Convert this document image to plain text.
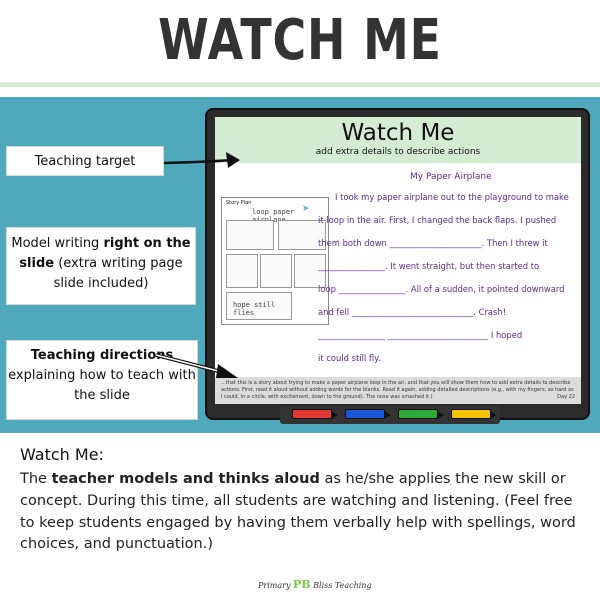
WATCH ME
Teaching target
Model writing right on the slide (extra writing page slide included)
Teaching directions
explaining how to teach with the slide
Watch Me
add extra details to describe actions
My Paper Airplane
Story Plan
loop paper ➤
hope still flies
I took my paper airplane out to the playground to make
it loop in the air. First, I changed the back flaps. I pushed
them both down ______________________. Then I threw it
________________. It went straight, but then started to
loop ________________. All of a sudden, it pointed downward
and fell _____________________________. Crash!
________________ ________________________ I hoped
it could still fly.
...that this is a story about trying to make a paper airplane loop in the air, and that you will show them how to add extra details to describe actions. First, read it aloud without adding words for the blanks. Read it again, adding detailed descriptions (e.g., with my fingers, as hard as I could, in a circle, with excitement, down to the ground). The nose was smashed it.)	Day 22
Watch Me:
The teacher models and thinks aloud as he/she applies the new skill or concept. During this time, all students are watching and listening. (Feel free to keep students engaged by having them verbally help with spellings, word choices, and punctuation.)
Primary PB Bliss Teaching
